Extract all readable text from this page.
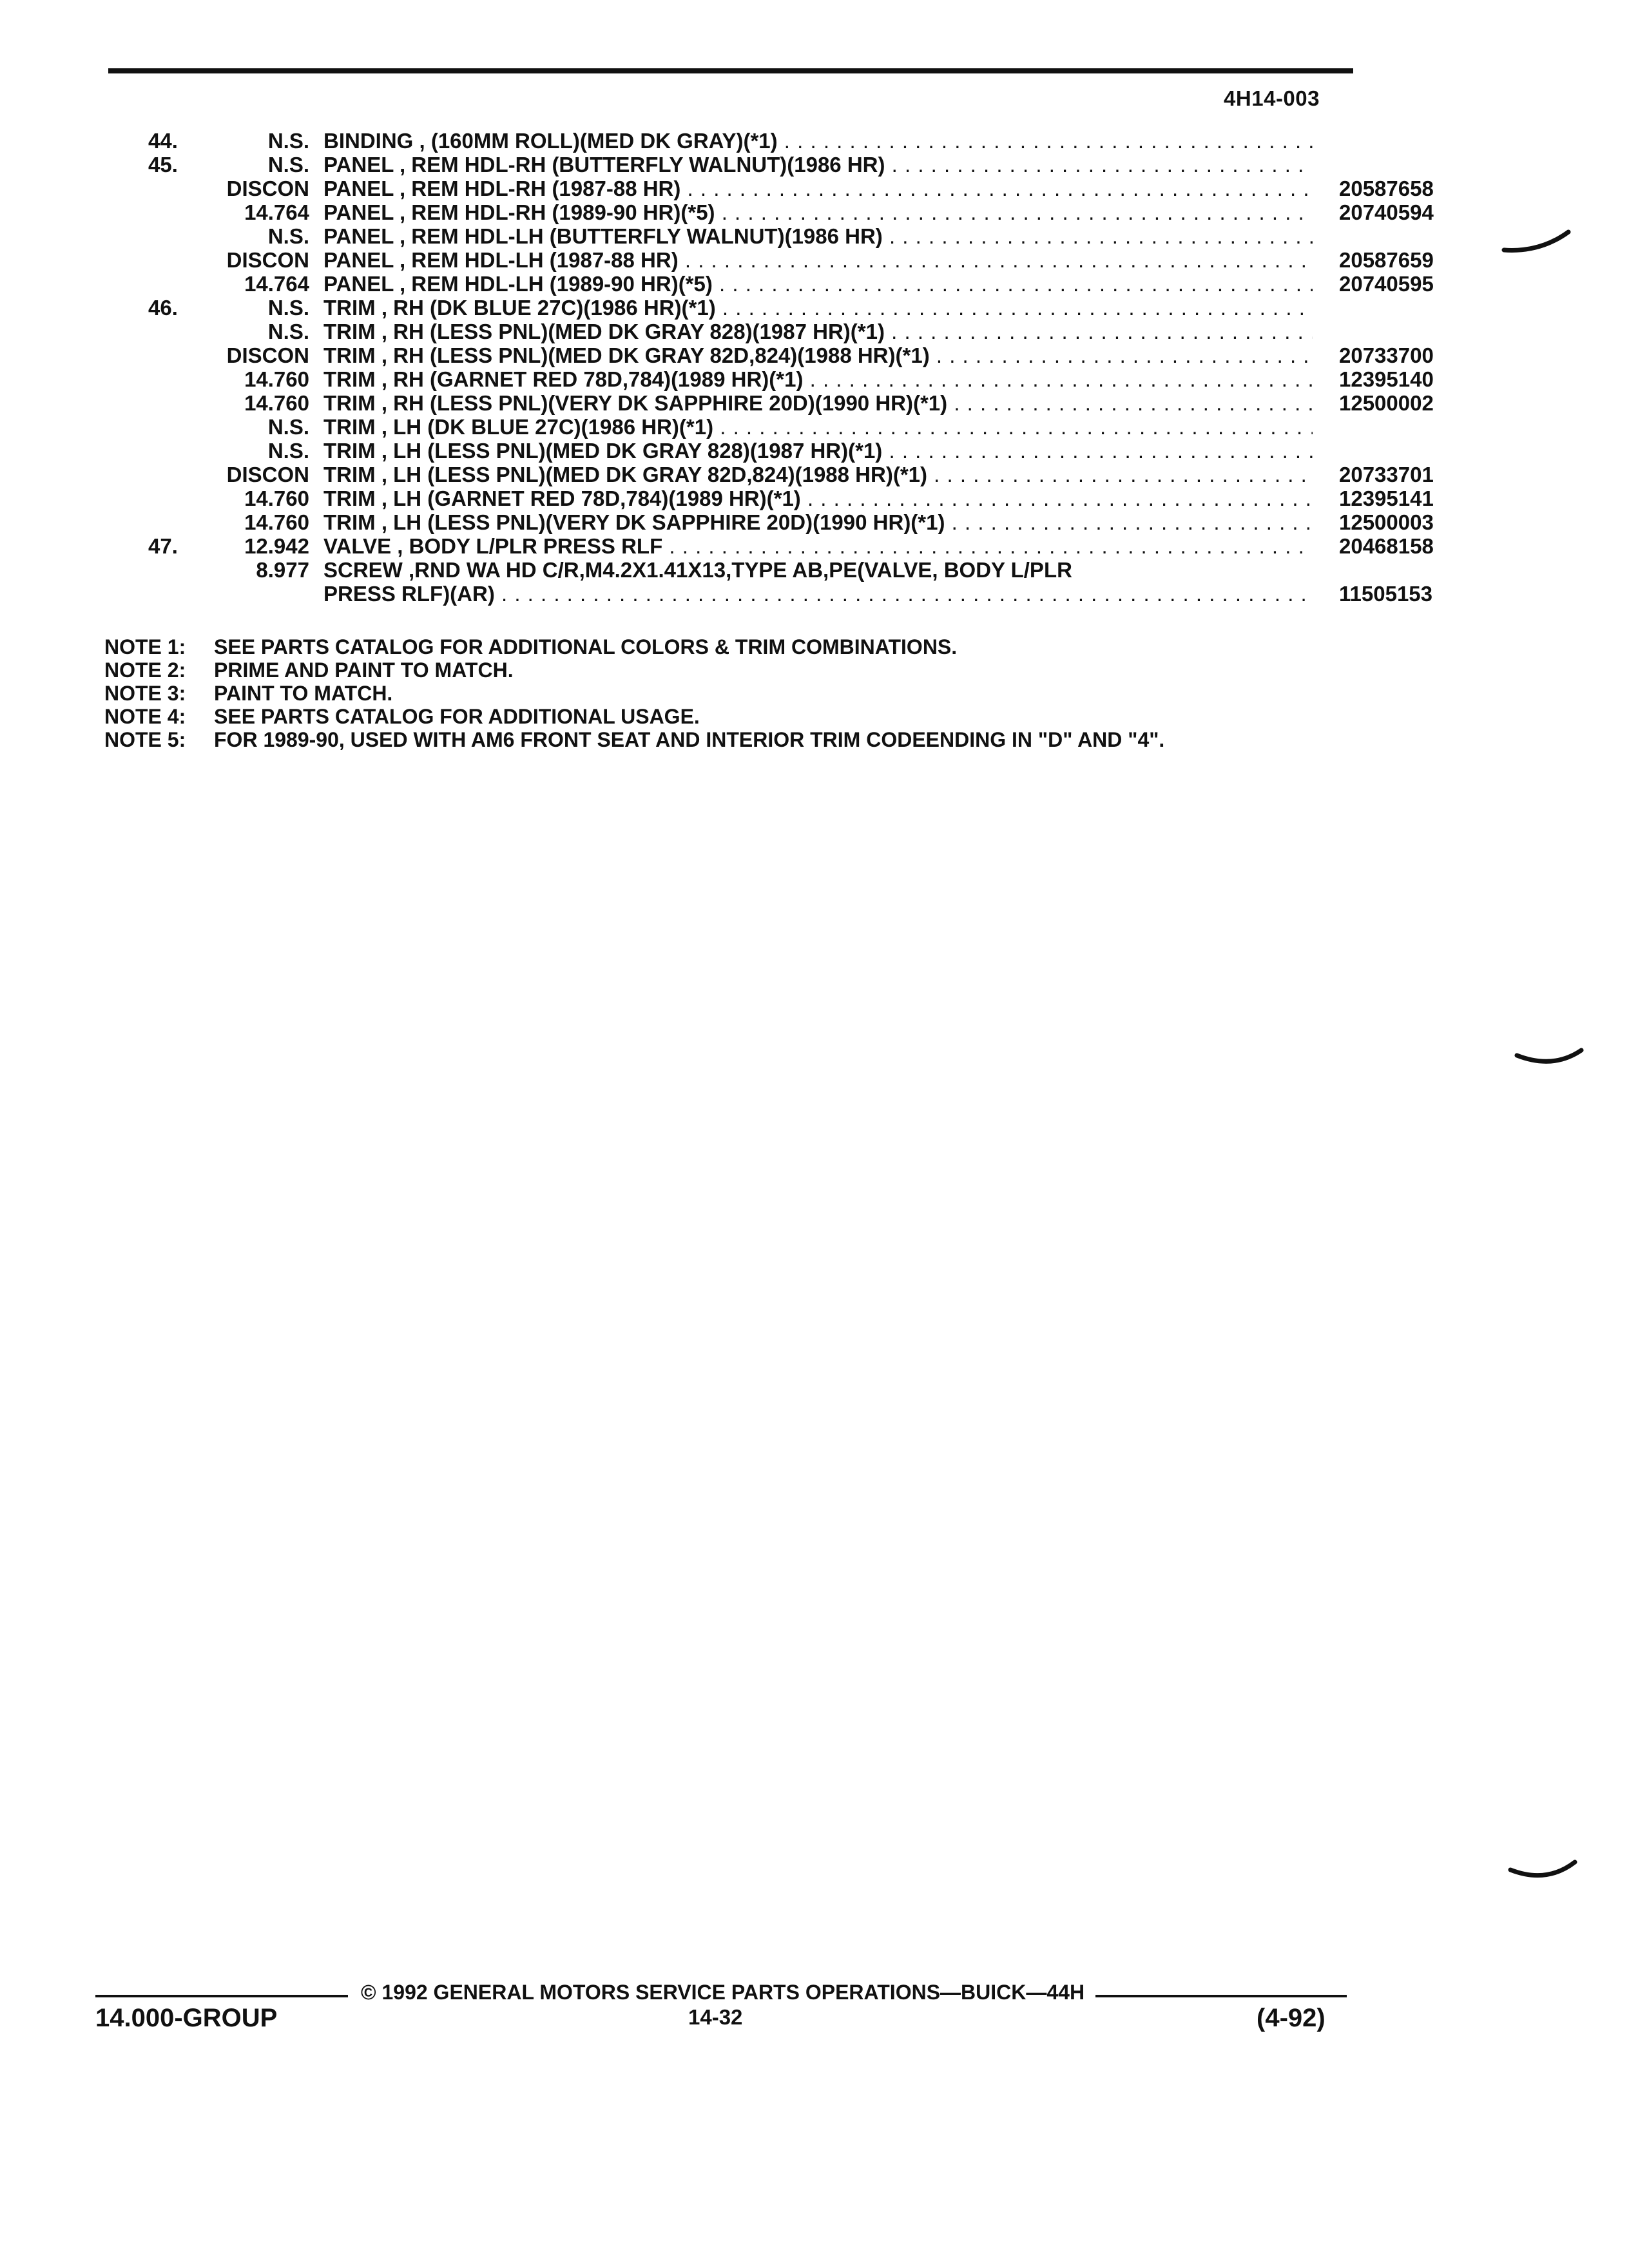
4H14-003
44.	N.S. BINDING , (160MM ROLL)(MED DK GRAY)(*1) . . .
45.	N.S. PANEL , REM HDL-RH (BUTTERFLY WALNUT)(1986 HR) . . .
DISCON PANEL , REM HDL-RH (1987-88 HR) . . .	20587658
14.764 PANEL , REM HDL-RH (1989-90 HR)(*5) . . .	20740594
N.S. PANEL , REM HDL-LH (BUTTERFLY WALNUT)(1986 HR) . . .
DISCON PANEL , REM HDL-LH (1987-88 HR) . . .	20587659
14.764 PANEL , REM HDL-LH (1989-90 HR)(*5) . . .	20740595
46.	N.S. TRIM , RH (DK BLUE 27C)(1986 HR)(*1) . . .
N.S. TRIM , RH (LESS PNL)(MED DK GRAY 828)(1987 HR)(*1) . . .
DISCON TRIM , RH (LESS PNL)(MED DK GRAY 82D,824)(1988 HR)(*1) . . .	20733700
14.760 TRIM , RH (GARNET RED 78D,784)(1989 HR)(*1) . . .	12395140
14.760 TRIM , RH (LESS PNL)(VERY DK SAPPHIRE 20D)(1990 HR)(*1) . . .	12500002
N.S. TRIM , LH (DK BLUE 27C)(1986 HR)(*1) . . .
N.S. TRIM , LH (LESS PNL)(MED DK GRAY 828)(1987 HR)(*1) . . .
DISCON TRIM , LH (LESS PNL)(MED DK GRAY 82D,824)(1988 HR)(*1) . . .	20733701
14.760 TRIM , LH (GARNET RED 78D,784)(1989 HR)(*1) . . .	12395141
14.760 TRIM , LH (LESS PNL)(VERY DK SAPPHIRE 20D)(1990 HR)(*1) . . .	12500003
47.	12.942 VALVE , BODY L/PLR PRESS RLF . . .	20468158
8.977 SCREW ,RND WA HD C/R,M4.2X1.41X13,TYPE AB,PE(VALVE, BODY L/PLR
PRESS RLF)(AR) . . .	11505153
NOTE 1:	SEE PARTS CATALOG FOR ADDITIONAL COLORS & TRIM COMBINATIONS.
NOTE 2:	PRIME AND PAINT TO MATCH.
NOTE 3:	PAINT TO MATCH.
NOTE 4:	SEE PARTS CATALOG FOR ADDITIONAL USAGE.
NOTE 5:	FOR 1989-90, USED WITH AM6 FRONT SEAT AND INTERIOR TRIM CODEENDING IN "D" AND "4".
© 1992 GENERAL MOTORS SERVICE PARTS OPERATIONS—BUICK—44H
14.000-GROUP	14-32	(4-92)
